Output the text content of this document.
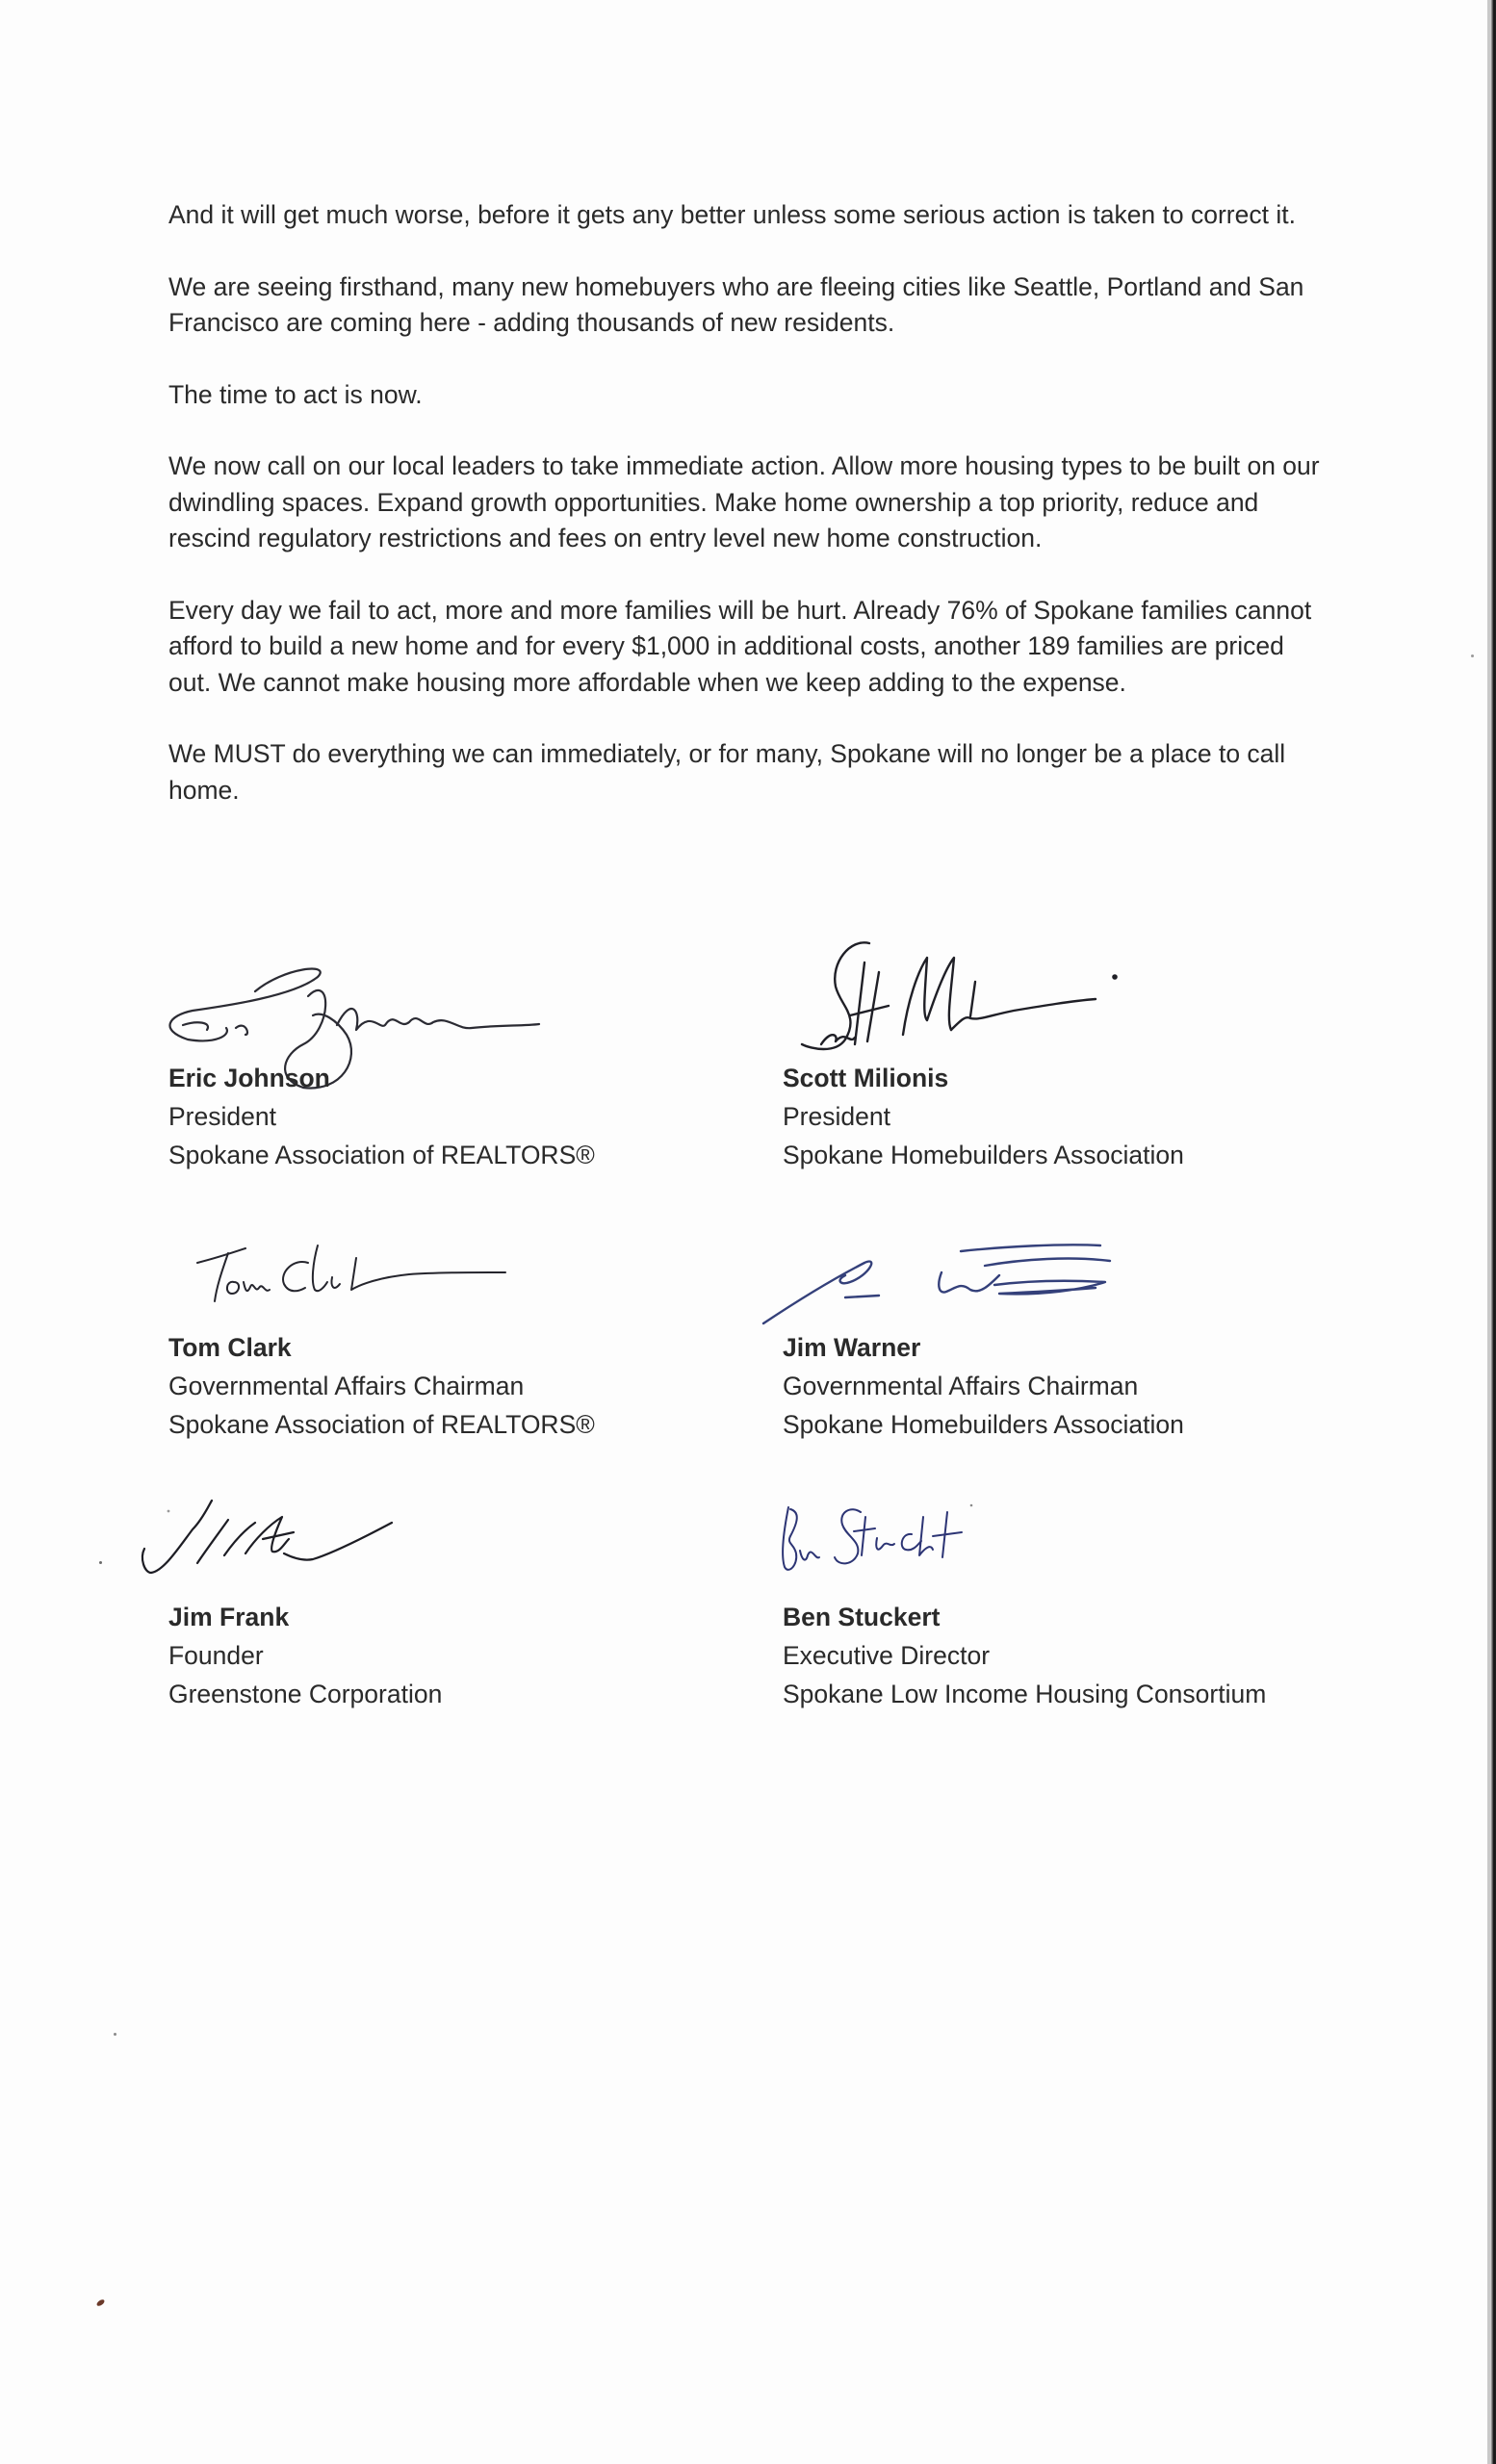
And it will get much worse, before it gets any better unless some serious action is taken to correct it.

We are seeing firsthand, many new homebuyers who are fleeing cities like Seattle, Portland and San Francisco are coming here - adding thousands of new residents.

The time to act is now.

We now call on our local leaders to take immediate action. Allow more housing types to be built on our dwindling spaces. Expand growth opportunities. Make home ownership a top priority, reduce and rescind regulatory restrictions and fees on entry level new home construction.

Every day we fail to act, more and more families will be hurt. Already 76% of Spokane families cannot afford to build a new home and for every $1,000 in additional costs, another 189 families are priced out. We cannot make housing more affordable when we keep adding to the expense.

We MUST do everything we can immediately, or for many, Spokane will no longer be a place to call home.

Eric Johnson
President
Spokane Association of REALTORS®
Scott Milionis
President
Spokane Homebuilders Association
Tom Clark
Governmental Affairs Chairman
Spokane Association of REALTORS®
Jim Warner
Governmental Affairs Chairman
Spokane Homebuilders Association
Jim Frank
Founder
Greenstone Corporation
Ben Stuckert
Executive Director
Spokane Low Income Housing Consortium
